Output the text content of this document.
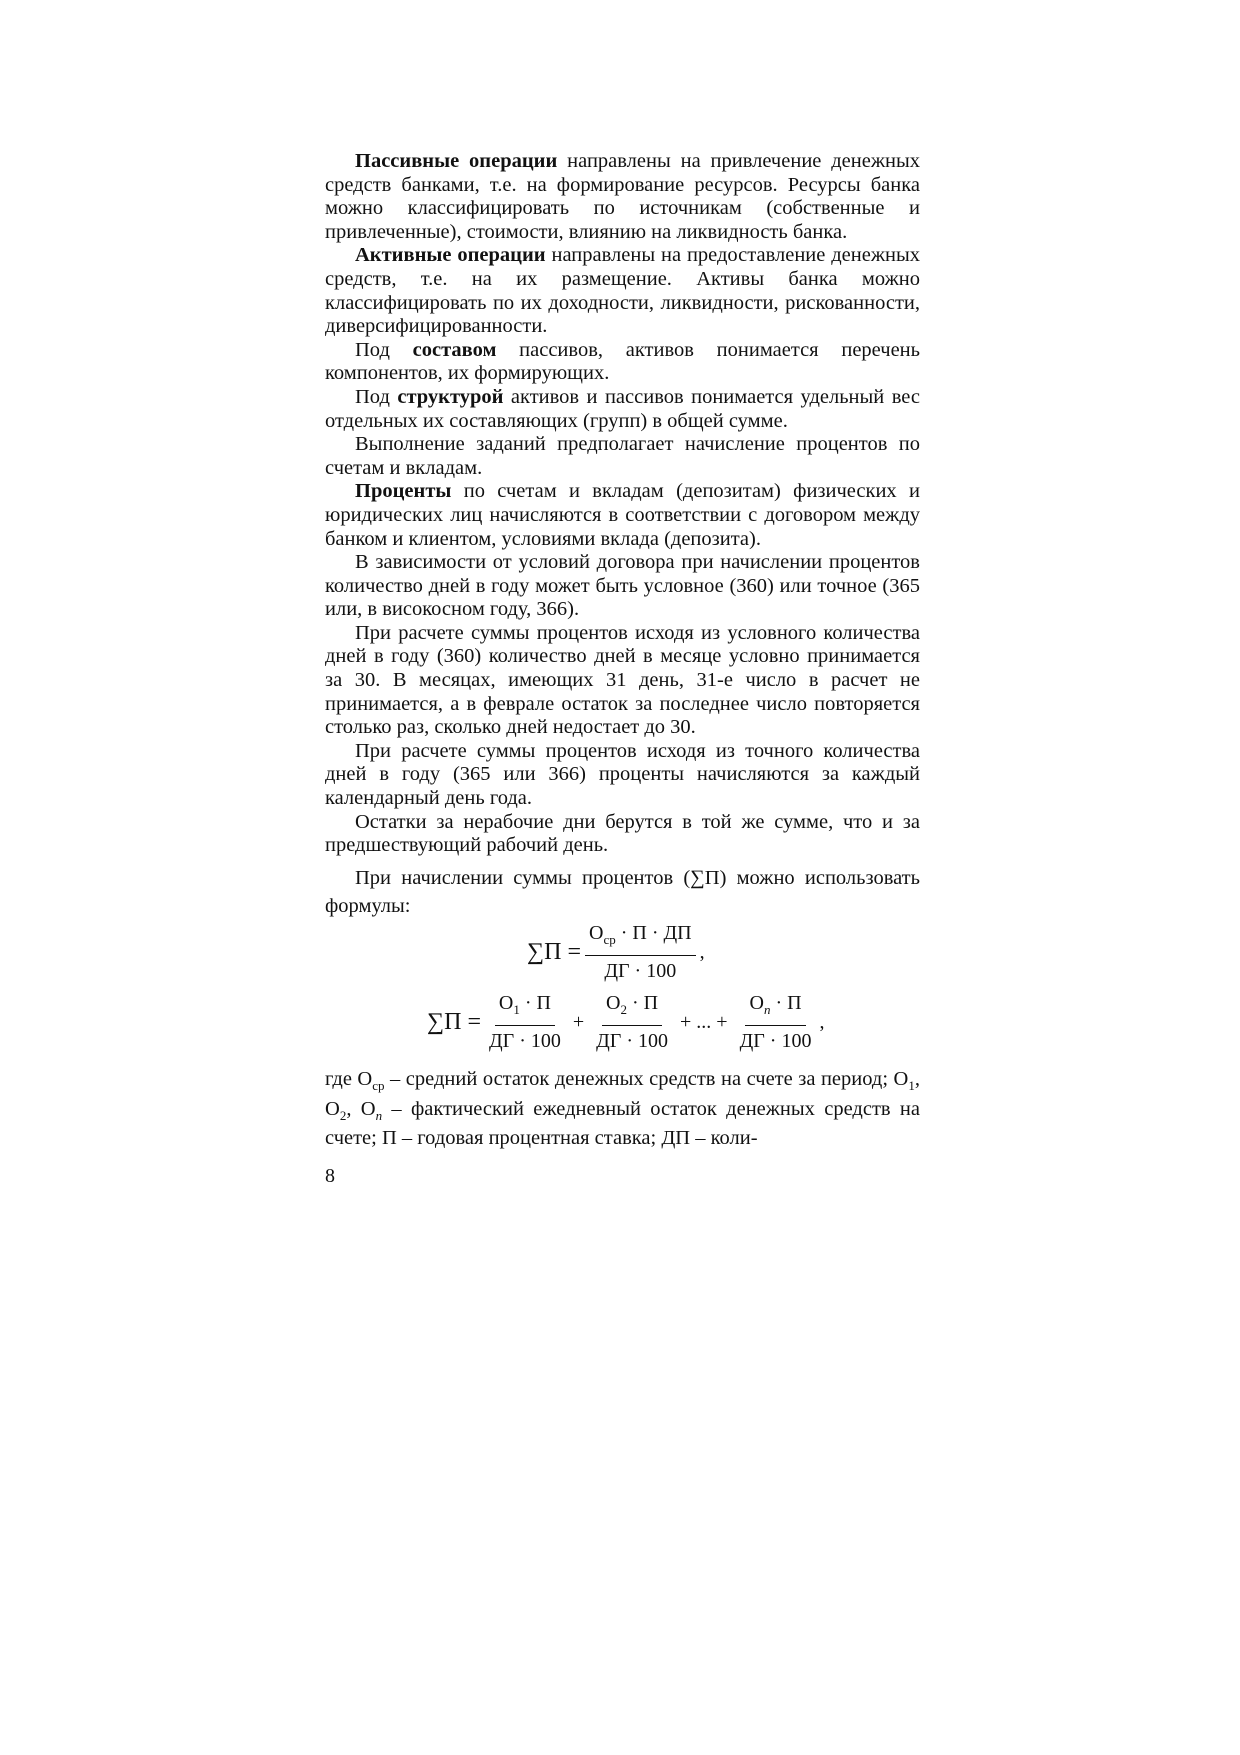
Пассивные операции направлены на привлечение денежных средств банками, т.е. на формирование ресурсов. Ресурсы банка можно классифицировать по источникам (собственные и привлеченные), стоимости, влиянию на ликвидность банка.

Активные операции направлены на предоставление денежных средств, т.е. на их размещение. Активы банка можно классифицировать по их доходности, ликвидности, рискованности, диверсифицированности.

Под составом пассивов, активов понимается перечень компонентов, их формирующих.

Под структурой активов и пассивов понимается удельный вес отдельных их составляющих (групп) в общей сумме.

Выполнение заданий предполагает начисление процентов по счетам и вкладам.

Проценты по счетам и вкладам (депозитам) физических и юридических лиц начисляются в соответствии с договором между банком и клиентом, условиями вклада (депозита).

В зависимости от условий договора при начислении процентов количество дней в году может быть условное (360) или точное (365 или, в високосном году, 366).

При расчете суммы процентов исходя из условного количества дней в году (360) количество дней в месяце условно принимается за 30. В месяцах, имеющих 31 день, 31-е число в расчет не принимается, а в феврале остаток за последнее число повторяется столько раз, сколько дней недостает до 30.

При расчете суммы процентов исходя из точного количества дней в году (365 или 366) проценты начисляются за каждый календарный день года.

Остатки за нерабочие дни берутся в той же сумме, что и за предшествующий рабочий день.

При начислении суммы процентов (∑П) можно использовать формулы:

$\sum П = \frac{О_{ср} \cdot П \cdot ДП}{ДГ \cdot 100}$ ,
$\sum П = \frac{О_1 \cdot П}{ДГ \cdot 100} + \frac{О_2 \cdot П}{ДГ \cdot 100}$ + ... + $\frac{О_n \cdot П}{ДГ \cdot 100}$ ,

где $О_{ср}$ – средний остаток денежных средств на счете за период; $О_1$, $О_2$, $О_n$ – фактический ежедневный остаток денежных средств на счете; П – годовая процентная ставка; ДП – коли-

8
